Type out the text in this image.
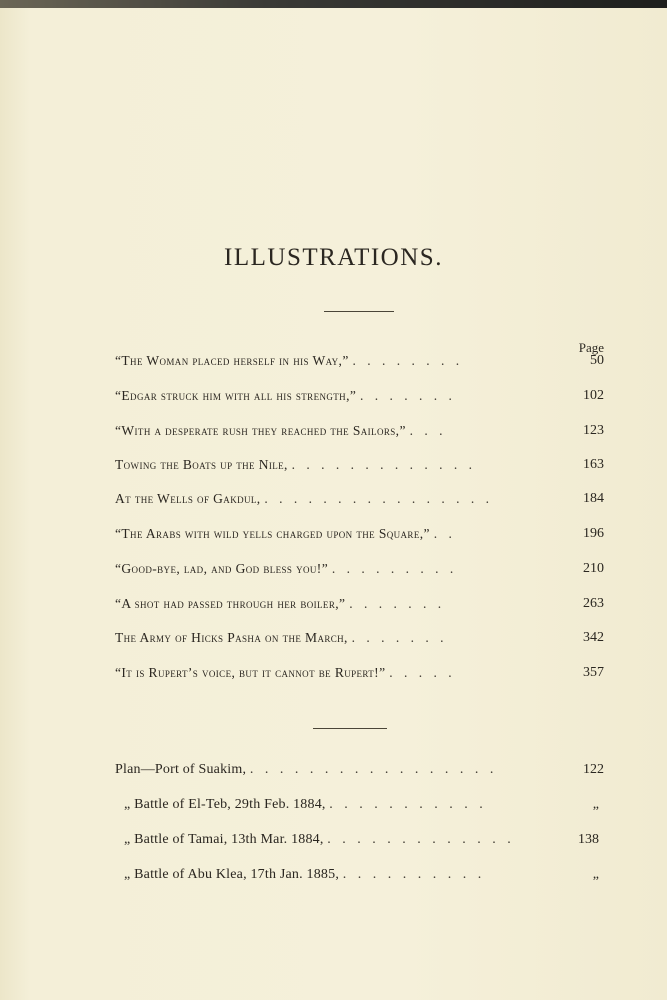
ILLUSTRATIONS.
Page
“The Woman placed herself in his Way,” . . . . . . . .	50
“Edgar struck him with all his strength,” . . . . . . .	102
“With a desperate rush they reached the Sailors,” . . .	123
Towing the Boats up the Nile, . . . . . . . . . . . . .	163
At the Wells of Gakdul, . . . . . . . . . . . . . . . .	184
“The Arabs with wild yells charged upon the Square,” . .	196
“Good-bye, lad, and God bless you!” . . . . . . . . .	210
“A shot had passed through her boiler,” . . . . . . .	263
The Army of Hicks Pasha on the March, . . . . . . .	342
“It is Rupert’s voice, but it cannot be Rupert!” . . . . .	357
Plan—Port of Suakim, . . . . . . . . . . . . . . . . .	122
„ Battle of El-Teb, 29th Feb. 1884, . . . . . . . . . . .	„
„ Battle of Tamai, 13th Mar. 1884, . . . . . . . . . . . . .	138
„ Battle of Abu Klea, 17th Jan. 1885, . . . . . . . . . .	„
